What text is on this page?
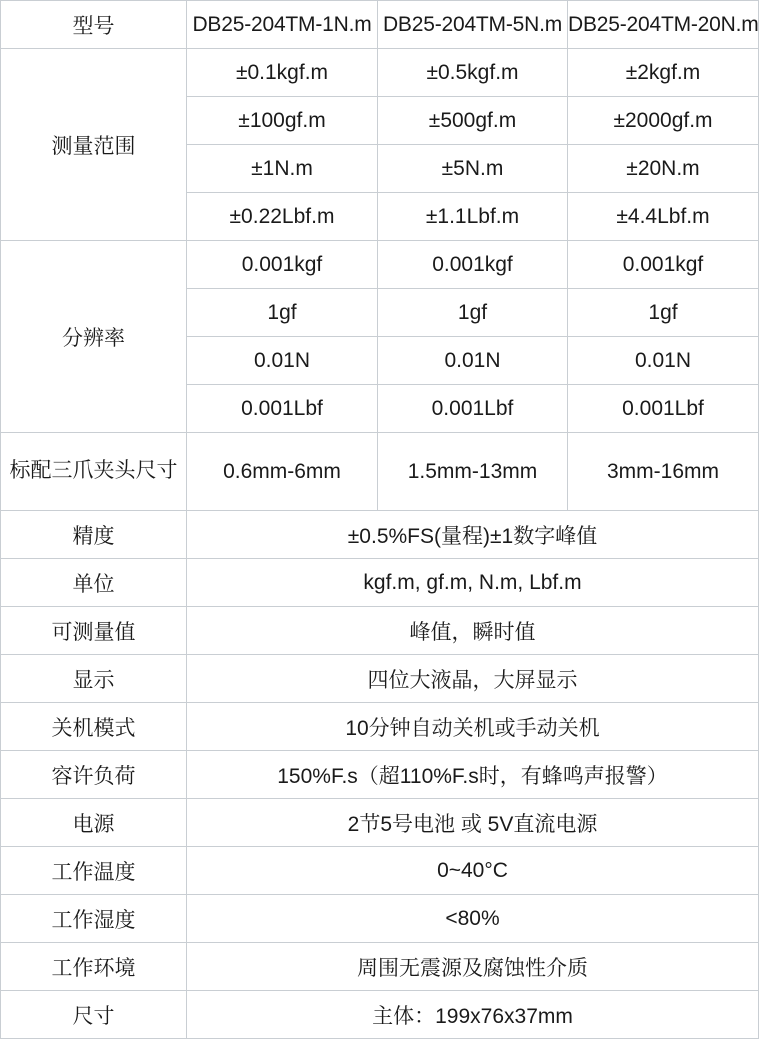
型号	DB25-204TM-1N.m	DB25-204TM-5N.m	DB25-204TM-20N.m
测量范围	±0.1kgf.m	±0.5kgf.m	±2kgf.m
	±100gf.m	±500gf.m	±2000gf.m
	±1N.m	±5N.m	±20N.m
	±0.22Lbf.m	±1.1Lbf.m	±4.4Lbf.m
分辨率	0.001kgf	0.001kgf	0.001kgf
	1gf	1gf	1gf
	0.01N	0.01N	0.01N
	0.001Lbf	0.001Lbf	0.001Lbf
标配三爪夹头尺寸	0.6mm-6mm	1.5mm-13mm	3mm-16mm
精度	±0.5%FS(量程)±1数字峰值		
单位	kgf.m, gf.m, N.m, Lbf.m		
可测量值	峰值，瞬时值		
显示	四位大液晶，大屏显示		
关机模式	10分钟自动关机或手动关机		
容许负荷	150%F.s（超110%F.s时，有蜂鸣声报警）		
电源	2节5号电池 或 5V直流电源		
工作温度	0~40°C		
工作湿度	<80%		
工作环境	周围无震源及腐蚀性介质		
尺寸	主体：199x76x37mm		
